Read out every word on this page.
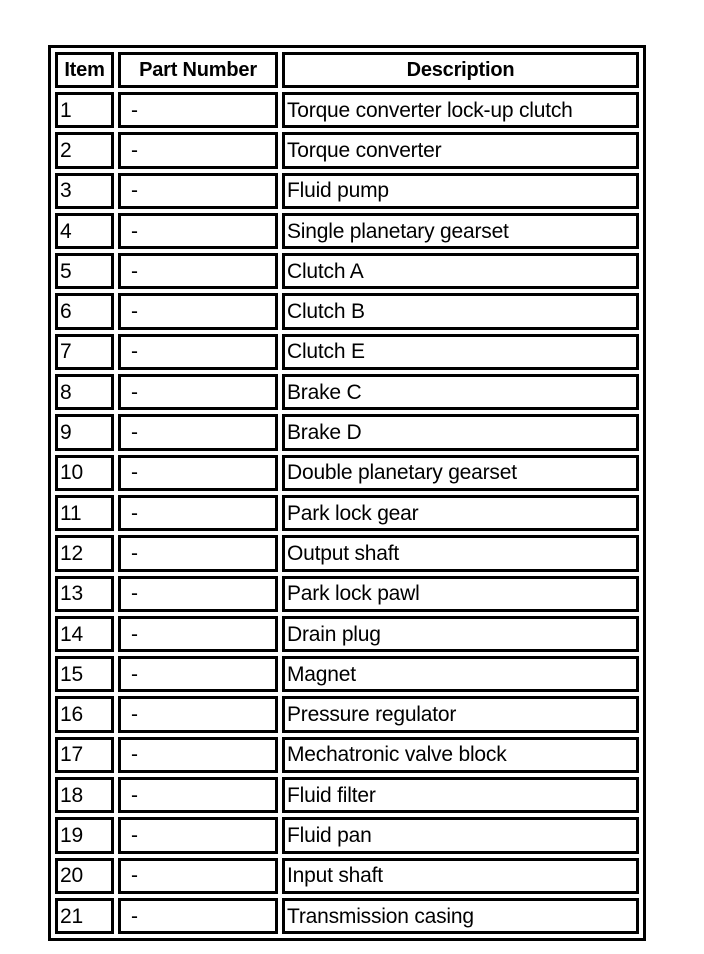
Item	Part Number	Description
1	-	Torque converter lock-up clutch
2	-	Torque converter
3	-	Fluid pump
4	-	Single planetary gearset
5	-	Clutch A
6	-	Clutch B
7	-	Clutch E
8	-	Brake C
9	-	Brake D
10	-	Double planetary gearset
11	-	Park lock gear
12	-	Output shaft
13	-	Park lock pawl
14	-	Drain plug
15	-	Magnet
16	-	Pressure regulator
17	-	Mechatronic valve block
18	-	Fluid filter
19	-	Fluid pan
20	-	Input shaft
21	-	Transmission casing
